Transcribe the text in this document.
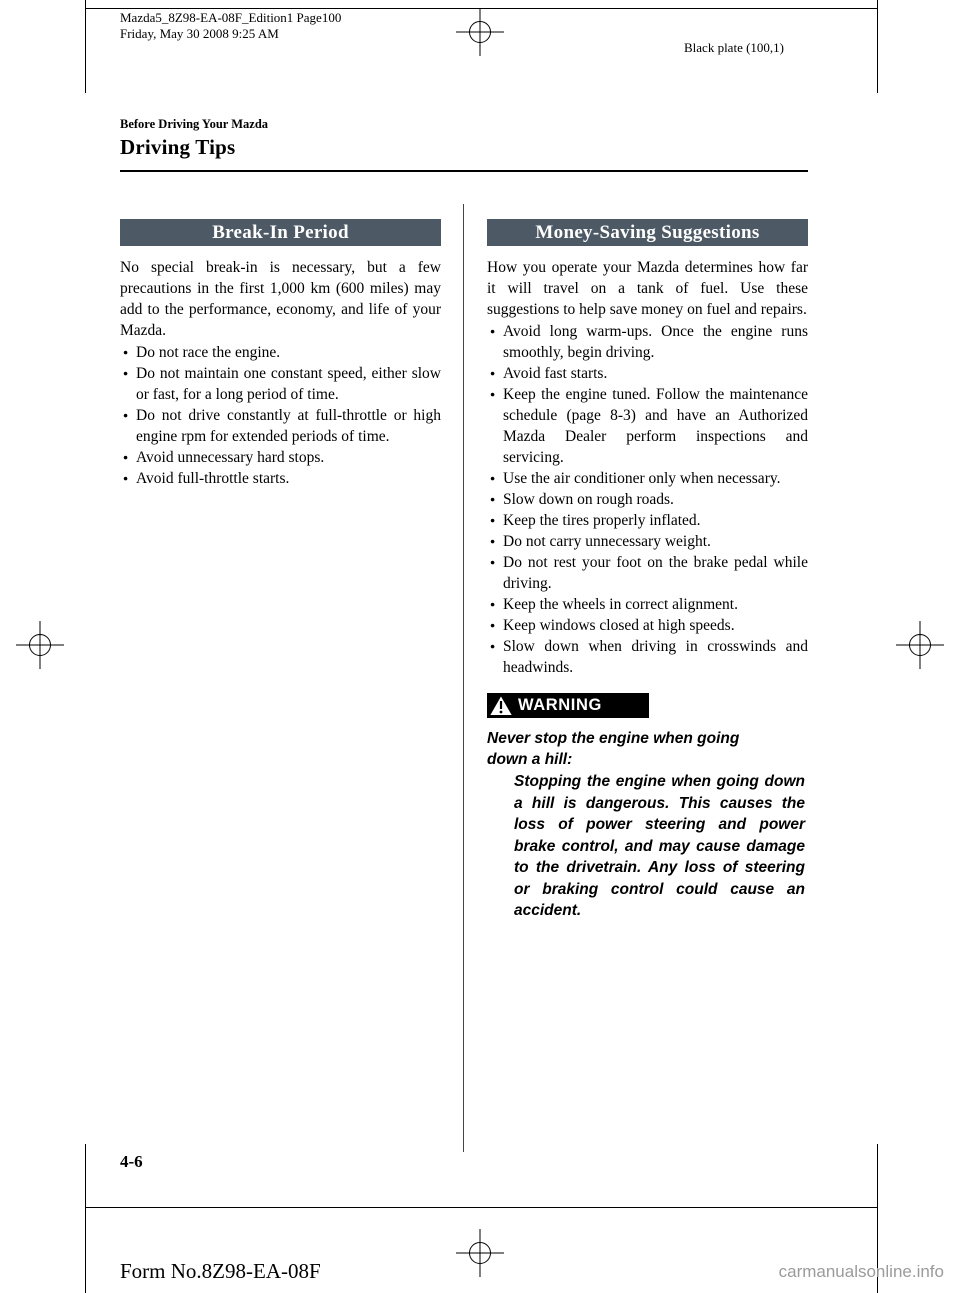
Mazda5_8Z98-EA-08F_Edition1 Page100
Friday, May 30 2008 9:25 AM
Black plate (100,1)
Before Driving Your Mazda
Driving Tips
Break-In Period

No special break-in is necessary, but a few precautions in the first 1,000 km (600 miles) may add to the performance, economy, and life of your Mazda.

● Do not race the engine.
● Do not maintain one constant speed, either slow or fast, for a long period of time.
● Do not drive constantly at full-throttle or high engine rpm for extended periods of time.
● Avoid unnecessary hard stops.
● Avoid full-throttle starts.
Money-Saving Suggestions

How you operate your Mazda determines how far it will travel on a tank of fuel. Use these suggestions to help save money on fuel and repairs.

● Avoid long warm-ups. Once the engine runs smoothly, begin driving.
● Avoid fast starts.
● Keep the engine tuned. Follow the maintenance schedule (page 8-3) and have an Authorized Mazda Dealer perform inspections and servicing.
● Use the air conditioner only when necessary.
● Slow down on rough roads.
● Keep the tires properly inflated.
● Do not carry unnecessary weight.
● Do not rest your foot on the brake pedal while driving.
● Keep the wheels in correct alignment.
● Keep windows closed at high speeds.
● Slow down when driving in crosswinds and headwinds.
WARNING

Never stop the engine when going down a hill:

Stopping the engine when going down a hill is dangerous. This causes the loss of power steering and power brake control, and may cause damage to the drivetrain. Any loss of steering or braking control could cause an accident.

4-6
Form No.8Z98-EA-08F	carmanualsonline.info
